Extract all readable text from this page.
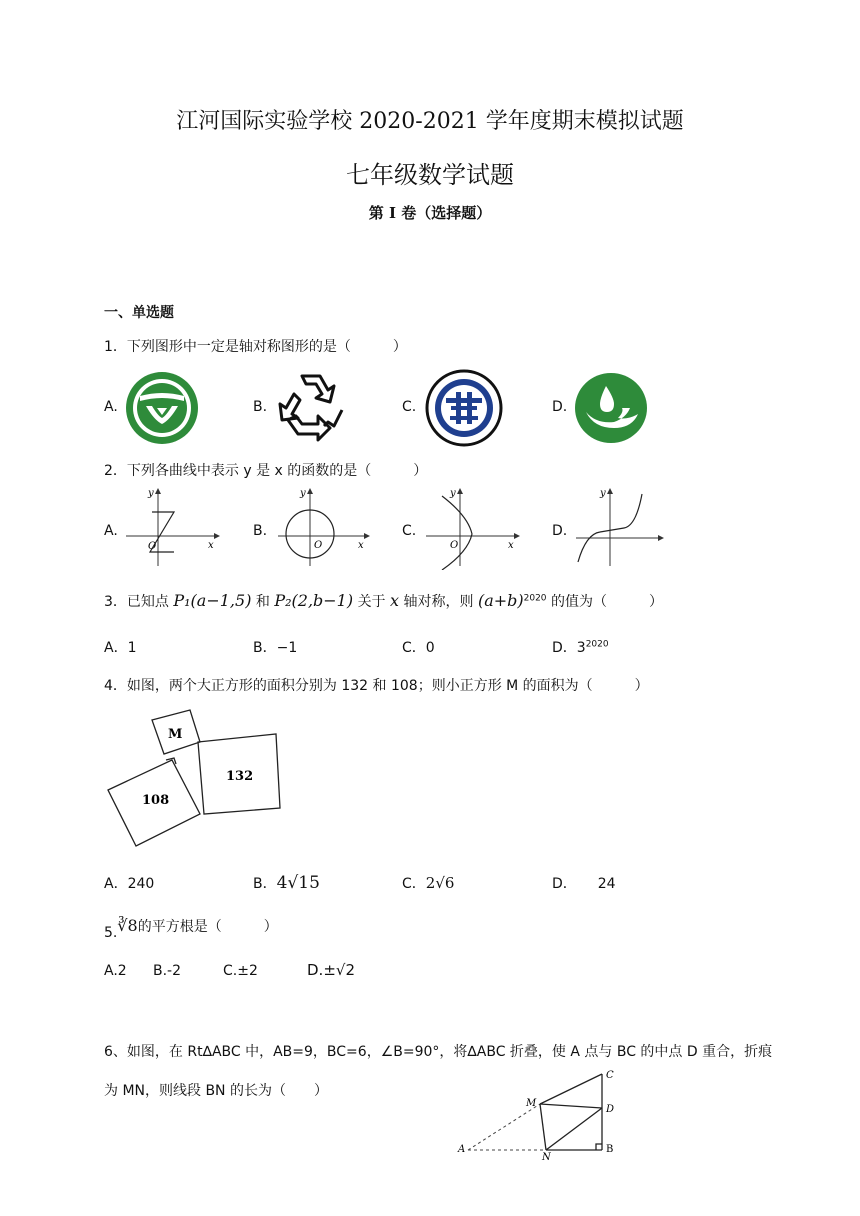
江河国际实验学校 2020-2021 学年度期末模拟试题
七年级数学试题
第 I 卷（选择题）
一、单选题
1．下列图形中一定是轴对称图形的是（　　　）
A.	B.	C.	D.
2．下列各曲线中表示 y 是 x 的函数的是（　　　）
A.	B.	C.	D.
y
x
O
y
x
O
y
x
O
y
3．已知点 P₁(a−1,5) 和 P₂(2,b−1) 关于 x 轴对称，则 $(a+b)^{2020}$ 的值为（　　　）
A．1	B．−1	C．0	D．$3^{2020}$
4．如图，两个大正方形的面积分别为 132 和 108；则小正方形 M 的面积为（　　　）
M
132
108
A．240	B．4√15	C．2√6	D．　　24
5.∛8的平方根是（　　　）
A.2 B.-2	C.±2	D.±√2
6、如图，在 Rt∆ABC 中，AB=9，BC=6，∠B=90°，将∆ABC 折叠，使 A 点与 BC 的中点 D 重合，折痕
为 MN，则线段 BN 的长为（　　）
A	B
C
D
M
N
